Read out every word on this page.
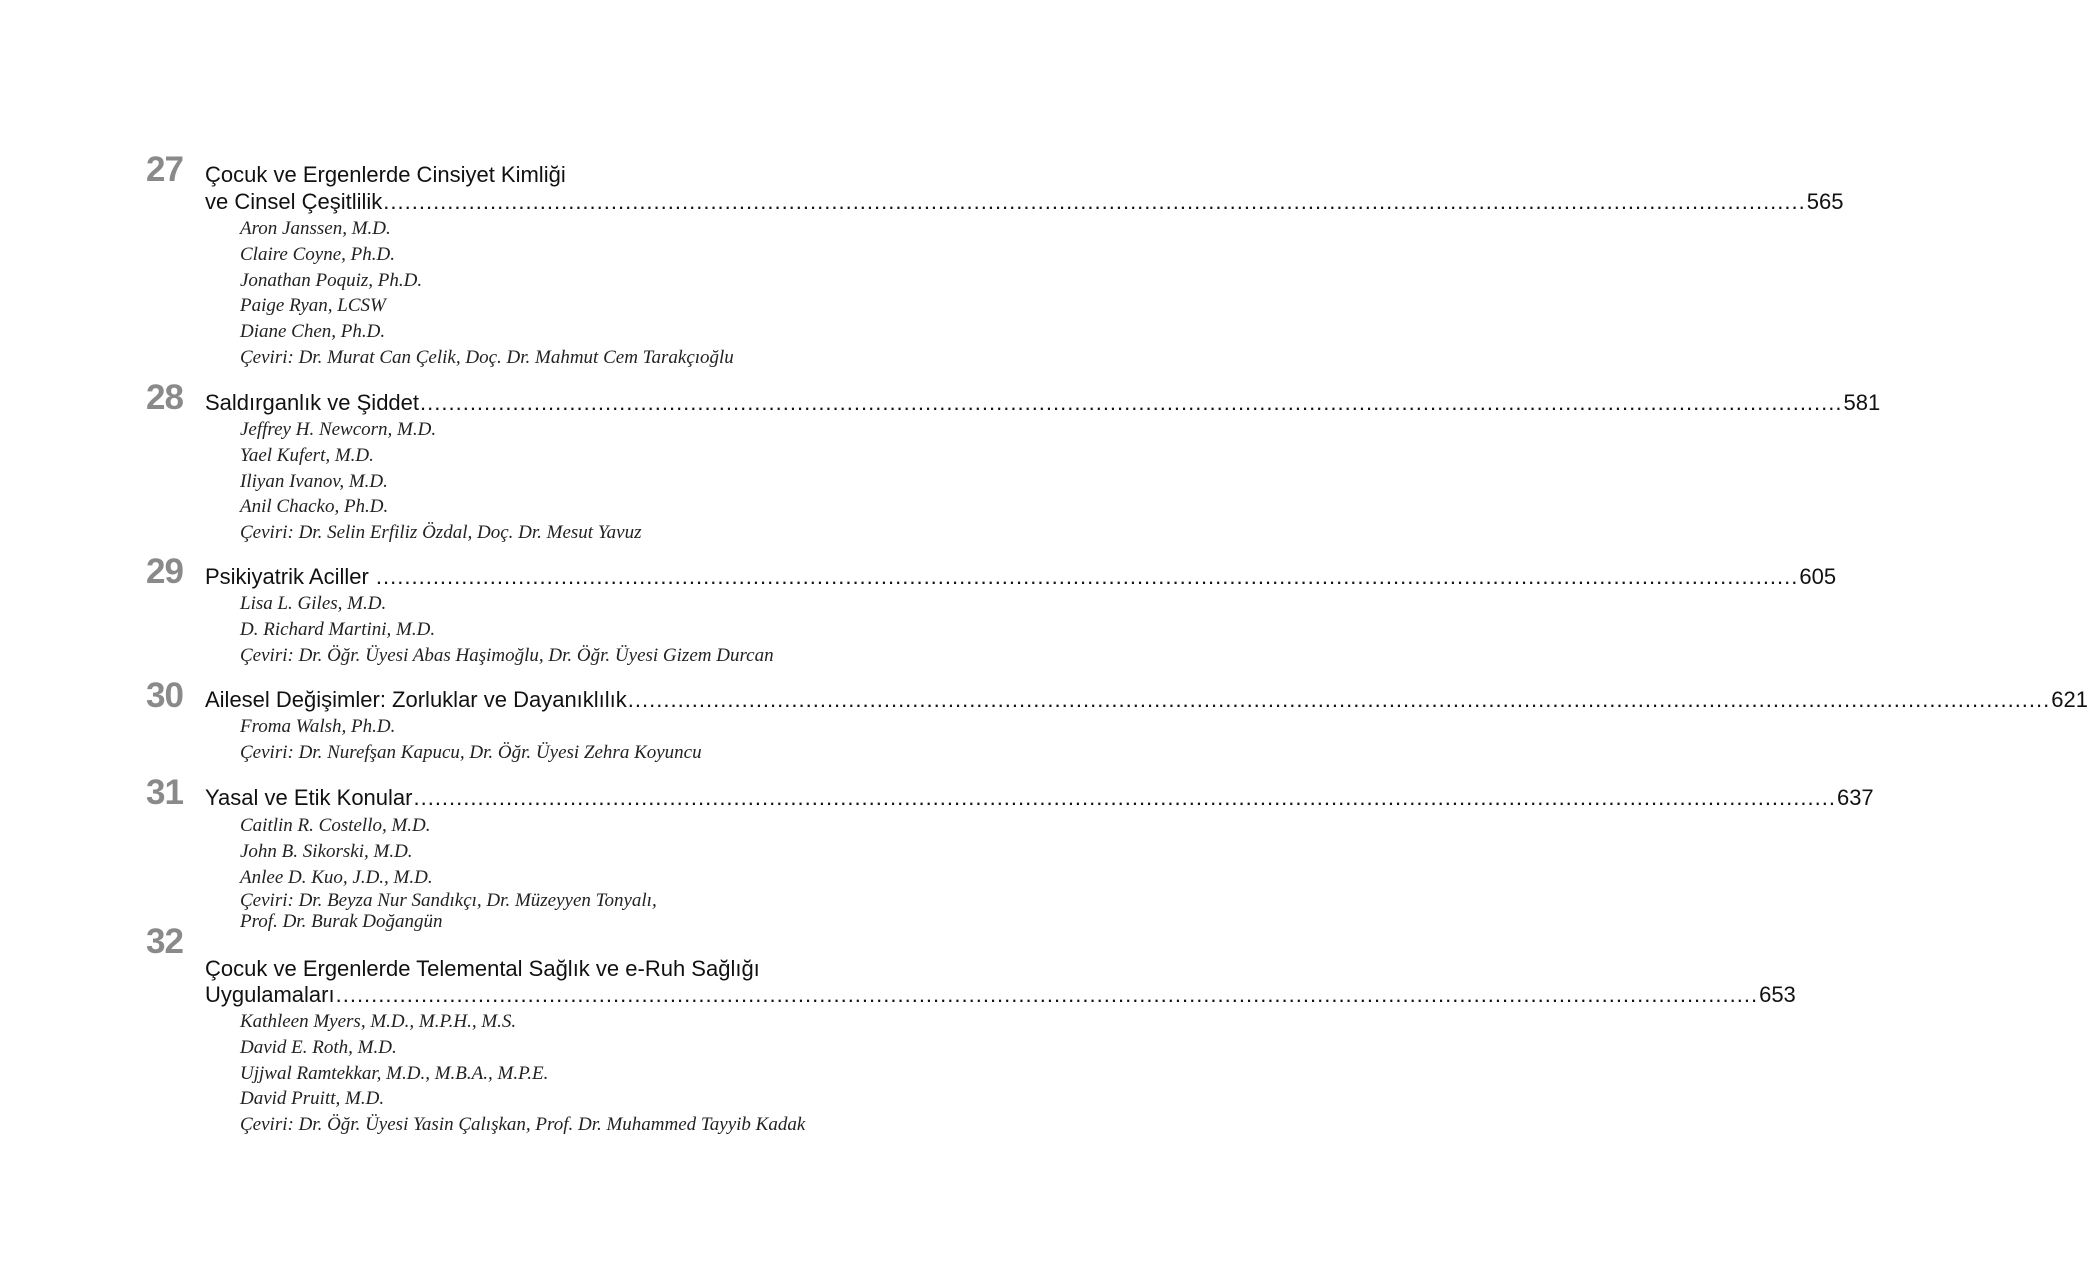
27 Çocuk ve Ergenlerde Cinsiyet Kimliği
ve Cinsel Çeşitlilik ........................................................................................................................................................................................................ 565
Aron Janssen, M.D.
Claire Coyne, Ph.D.
Jonathan Poquiz, Ph.D.
Paige Ryan, LCSW
Diane Chen, Ph.D.
Çeviri: Dr. Murat Can Çelik, Doç. Dr. Mahmut Cem Tarakçıoğlu
28 Saldırganlık ve Şiddet ........................................................................................................................................................................................................ 581
Jeffrey H. Newcorn, M.D.
Yael Kufert, M.D.
Iliyan Ivanov, M.D.
Anil Chacko, Ph.D.
Çeviri: Dr. Selin Erfiliz Özdal, Doç. Dr. Mesut Yavuz
29 Psikiyatrik Aciller ........................................................................................................................................................................................................ 605
Lisa L. Giles, M.D.
D. Richard Martini, M.D.
Çeviri: Dr. Öğr. Üyesi Abas Haşimoğlu, Dr. Öğr. Üyesi Gizem Durcan
30 Ailesel Değişimler: Zorluklar ve Dayanıklılık ........................................................................................................................................................................................................ 621
Froma Walsh, Ph.D.
Çeviri: Dr. Nurefşan Kapucu, Dr. Öğr. Üyesi Zehra Koyuncu
31 Yasal ve Etik Konular ........................................................................................................................................................................................................ 637
Caitlin R. Costello, M.D.
John B. Sikorski, M.D.
Anlee D. Kuo, J.D., M.D.
Çeviri: Dr. Beyza Nur Sandıkçı, Dr. Müzeyyen Tonyalı,
Prof. Dr. Burak Doğangün
32
Çocuk ve Ergenlerde Telemental Sağlık ve e-Ruh Sağlığı
Uygulamaları ........................................................................................................................................................................................................ 653
Kathleen Myers, M.D., M.P.H., M.S.
David E. Roth, M.D.
Ujjwal Ramtekkar, M.D., M.B.A., M.P.E.
David Pruitt, M.D.
Çeviri: Dr. Öğr. Üyesi Yasin Çalışkan, Prof. Dr. Muhammed Tayyib Kadak
